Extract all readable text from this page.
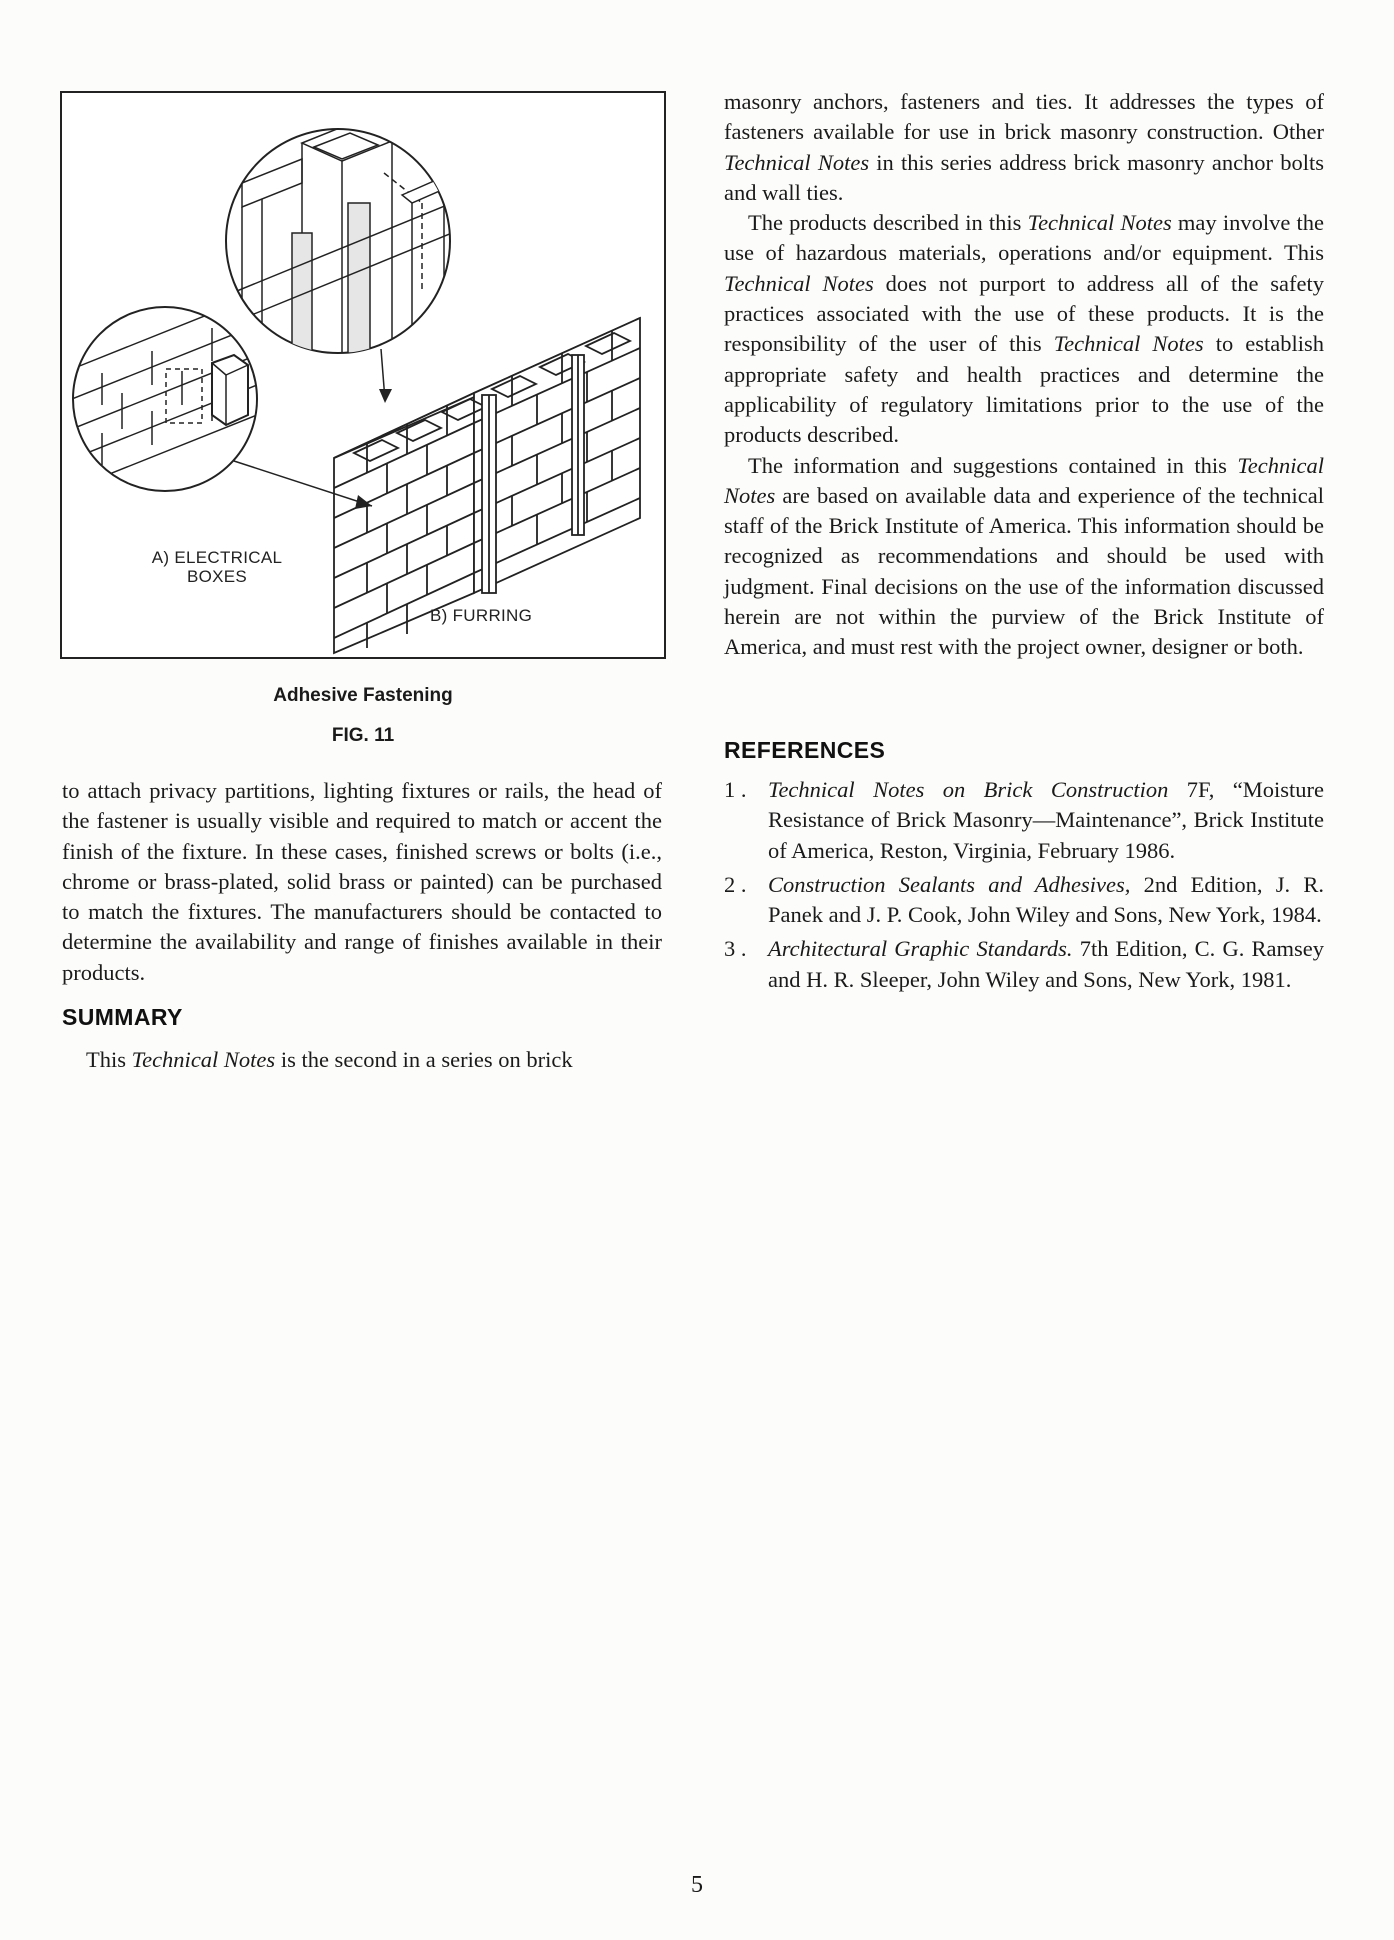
A) ELECTRICAL
BOXES
B) FURRING
Adhesive Fastening
FIG. 11

to attach privacy partitions, lighting fixtures or rails, the head of the fastener is usually visible and required to match or accent the finish of the fixture. In these cases, finished screws or bolts (i.e., chrome or brass-plated, solid brass or painted) can be purchased to match the fixtures. The manufacturers should be contacted to determine the availability and range of finishes available in their products.

SUMMARY

This Technical Notes is the second in a series on brick

masonry anchors, fasteners and ties. It addresses the types of fasteners available for use in brick masonry construction. Other Technical Notes in this series address brick masonry anchor bolts and wall ties.

The products described in this Technical Notes may involve the use of hazardous materials, operations and/or equipment. This Technical Notes does not purport to address all of the safety practices associated with the use of these products. It is the responsibility of the user of this Technical Notes to establish appropriate safety and health practices and determine the applicability of regulatory limitations prior to the use of the products described.

The information and suggestions contained in this Technical Notes are based on available data and experience of the technical staff of the Brick Institute of America. This information should be recognized as recommendations and should be used with judgment. Final decisions on the use of the information discussed herein are not within the purview of the Brick Institute of America, and must rest with the project owner, designer or both.

REFERENCES
1 . Technical Notes on Brick Construction 7F, “Moisture Resistance of Brick Masonry—Maintenance”, Brick Institute of America, Reston, Virginia, February 1986.
2 . Construction Sealants and Adhesives, 2nd Edition, J. R. Panek and J. P. Cook, John Wiley and Sons, New York, 1984.
3 . Architectural Graphic Standards. 7th Edition, C. G. Ramsey and H. R. Sleeper, John Wiley and Sons, New York, 1981.
5
